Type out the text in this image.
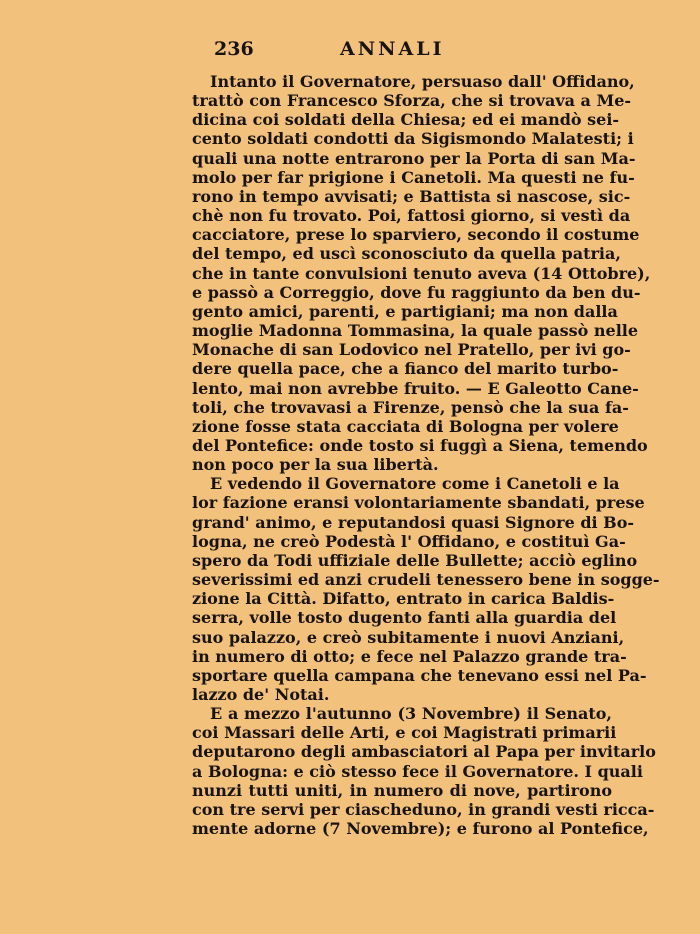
236	ANNALI
Intanto il Governatore, persuaso dall' Offidano,
trattò con Francesco Sforza, che si trovava a Me-
dicina coi soldati della Chiesa; ed ei mandò sei-
cento soldati condotti da Sigismondo Malatesti; i
quali una notte entrarono per la Porta di san Ma-
molo per far prigione i Canetoli. Ma questi ne fu-
rono in tempo avvisati; e Battista si nascose, sic-
chè non fu trovato. Poi, fattosi giorno, si vestì da
cacciatore, prese lo sparviero, secondo il costume
del tempo, ed uscì sconosciuto da quella patria,
che in tante convulsioni tenuto aveva (14 Ottobre),
e passò a Correggio, dove fu raggiunto da ben du-
gento amici, parenti, e partigiani; ma non dalla
moglie Madonna Tommasina, la quale passò nelle
Monache di san Lodovico nel Pratello, per ivi go-
dere quella pace, che a fianco del marito turbo-
lento, mai non avrebbe fruito. — E Galeotto Cane-
toli, che trovavasi a Firenze, pensò che la sua fa-
zione fosse stata cacciata di Bologna per volere
del Pontefice: onde tosto si fuggì a Siena, temendo
non poco per la sua libertà.
E vedendo il Governatore come i Canetoli e la
lor fazione eransi volontariamente sbandati, prese
grand' animo, e reputandosi quasi Signore di Bo-
logna, ne creò Podestà l' Offidano, e costituì Ga-
spero da Todi uffiziale delle Bullette; acciò eglino
severissimi ed anzi crudeli tenessero bene in sogge-
zione la Città. Difatto, entrato in carica Baldis-
serra, volle tosto dugento fanti alla guardia del
suo palazzo, e creò subitamente i nuovi Anziani,
in numero di otto; e fece nel Palazzo grande tra-
sportare quella campana che tenevano essi nel Pa-
lazzo de' Notai.
E a mezzo l'autunno (3 Novembre) il Senato,
coi Massari delle Arti, e coi Magistrati primarii
deputarono degli ambasciatori al Papa per invitarlo
a Bologna: e ciò stesso fece il Governatore. I quali
nunzi tutti uniti, in numero di nove, partirono
con tre servi per ciascheduno, in grandi vesti ricca-
mente adorne (7 Novembre); e furono al Pontefice,
